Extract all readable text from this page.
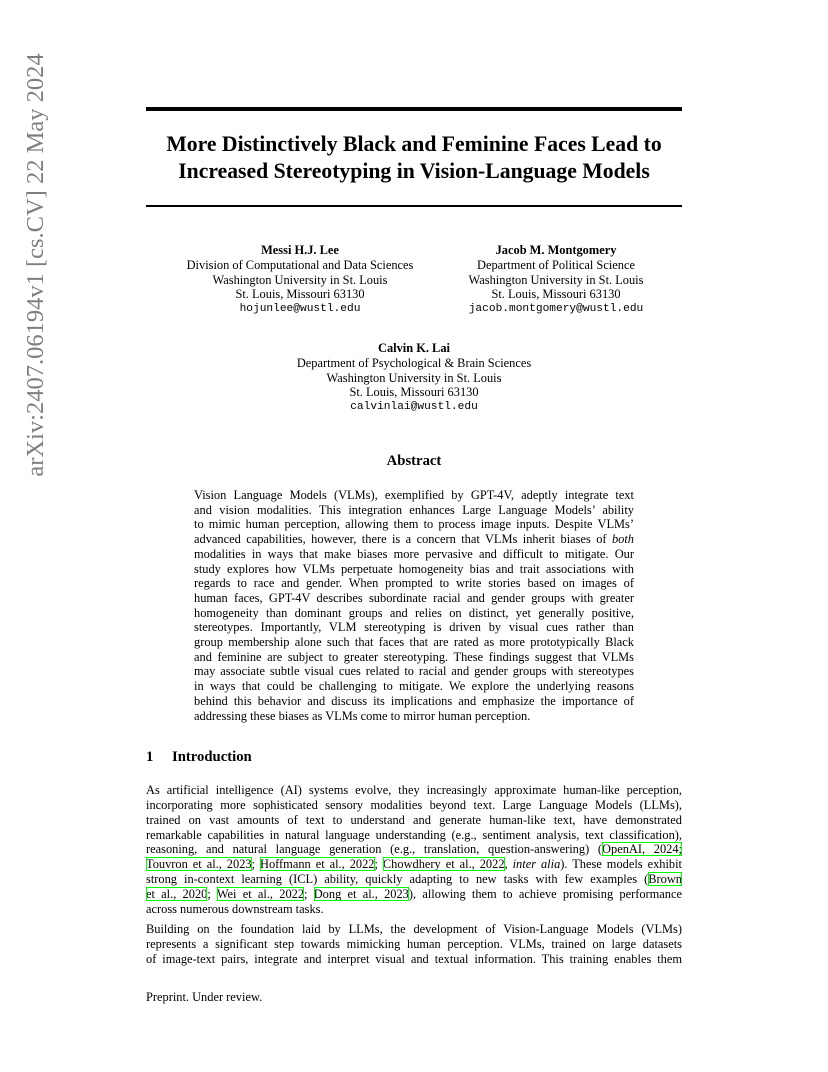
arXiv:2407.06194v1 [cs.CV] 22 May 2024	More Distinctively Black and Feminine Faces Lead to
Increased Stereotyping in Vision-Language Models
Messi H.J. Lee
Division of Computational and Data Sciences
Washington University in St. Louis
St. Louis, Missouri 63130
hojunlee@wustl.edu
Jacob M. Montgomery
Department of Political Science
Washington University in St. Louis
St. Louis, Missouri 63130
jacob.montgomery@wustl.edu
Calvin K. Lai
Department of Psychological & Brain Sciences
Washington University in St. Louis
St. Louis, Missouri 63130
calvinlai@wustl.edu
Abstract
Vision Language Models (VLMs), exemplified by GPT-4V, adeptly integrate text
and vision modalities. This integration enhances Large Language Models’ ability
to mimic human perception, allowing them to process image inputs. Despite VLMs’
advanced capabilities, however, there is a concern that VLMs inherit biases of both
modalities in ways that make biases more pervasive and difficult to mitigate. Our
study explores how VLMs perpetuate homogeneity bias and trait associations with
regards to race and gender. When prompted to write stories based on images of
human faces, GPT-4V describes subordinate racial and gender groups with greater
homogeneity than dominant groups and relies on distinct, yet generally positive,
stereotypes. Importantly, VLM stereotyping is driven by visual cues rather than
group membership alone such that faces that are rated as more prototypically Black
and feminine are subject to greater stereotyping. These findings suggest that VLMs
may associate subtle visual cues related to racial and gender groups with stereotypes
in ways that could be challenging to mitigate. We explore the underlying reasons
behind this behavior and discuss its implications and emphasize the importance of
addressing these biases as VLMs come to mirror human perception.
1 Introduction
As artificial intelligence (AI) systems evolve, they increasingly approximate human-like perception,
incorporating more sophisticated sensory modalities beyond text. Large Language Models (LLMs),
trained on vast amounts of text to understand and generate human-like text, have demonstrated
remarkable capabilities in natural language understanding (e.g., sentiment analysis, text classification),
reasoning, and natural language generation (e.g., translation, question-answering) (OpenAI, 2024;
Touvron et al., 2023; Hoffmann et al., 2022; Chowdhery et al., 2022, inter alia). These models exhibit
strong in-context learning (ICL) ability, quickly adapting to new tasks with few examples (Brown
et al., 2020; Wei et al., 2022; Dong et al., 2023), allowing them to achieve promising performance
across numerous downstream tasks.
Building on the foundation laid by LLMs, the development of Vision-Language Models (VLMs)
represents a significant step towards mimicking human perception. VLMs, trained on large datasets
of image-text pairs, integrate and interpret visual and textual information. This training enables them
Preprint. Under review.
